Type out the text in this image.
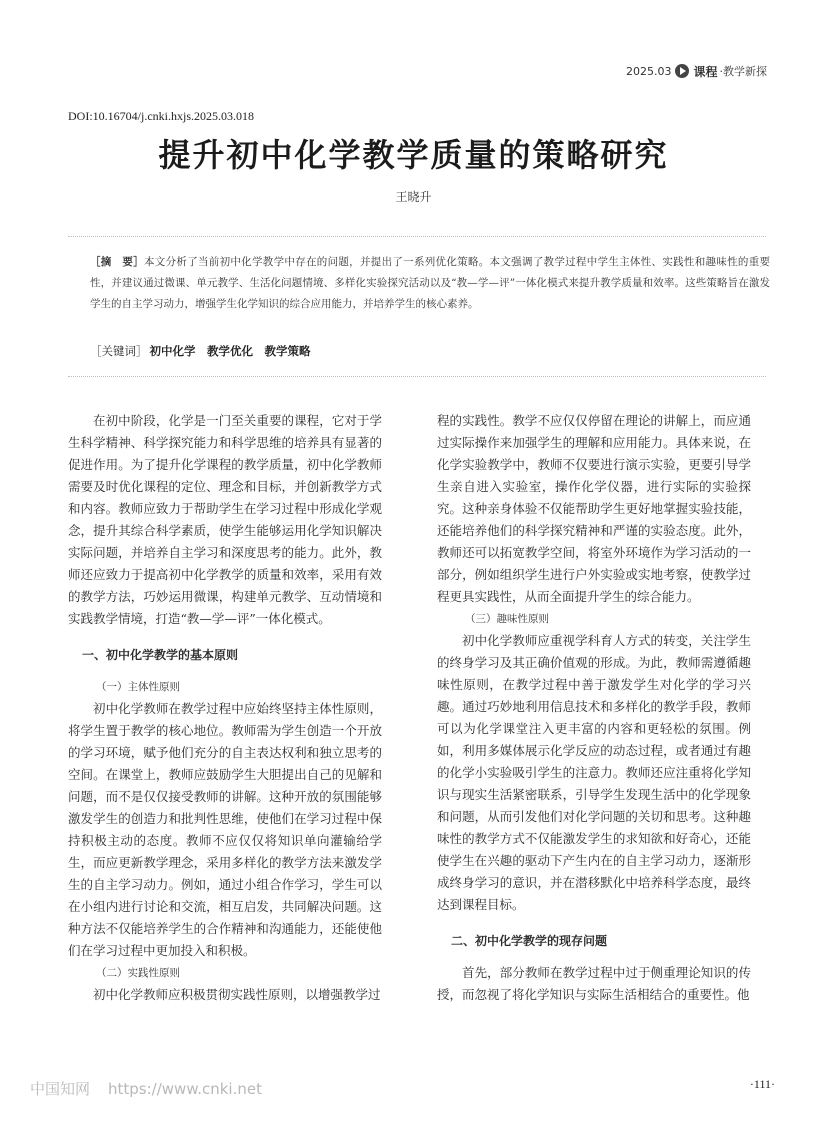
2025.03 课程 ·教学新探
DOI:10.16704/j.cnki.hxjs.2025.03.018
提升初中化学教学质量的策略研究
王晓升
［摘　要］本文分析了当前初中化学教学中存在的问题，并提出了一系列优化策略。本文强调了教学过程中学生主体性、实践性和趣味性的重要性，并建议通过微课、单元教学、生活化问题情境、多样化实验探究活动以及“教—学—评”一体化模式来提升教学质量和效率。这些策略旨在激发学生的自主学习动力，增强学生化学知识的综合应用能力，并培养学生的核心素养。
［关键词］ 初中化学　教学优化　教学策略

在初中阶段，化学是一门至关重要的课程，它对于学生科学精神、科学探究能力和科学思维的培养具有显著的促进作用。为了提升化学课程的教学质量，初中化学教师需要及时优化课程的定位、理念和目标，并创新教学方式和内容。教师应致力于帮助学生在学习过程中形成化学观念，提升其综合科学素质，使学生能够运用化学知识解决实际问题，并培养自主学习和深度思考的能力。此外，教师还应致力于提高初中化学教学的质量和效率，采用有效的教学方法，巧妙运用微课，构建单元教学、互动情境和实践教学情境，打造“教—学—评”一体化模式。

一、初中化学教学的基本原则
（一）主体性原则

初中化学教师在教学过程中应始终坚持主体性原则，将学生置于教学的核心地位。教师需为学生创造一个开放的学习环境，赋予他们充分的自主表达权利和独立思考的空间。在课堂上，教师应鼓励学生大胆提出自己的见解和问题，而不是仅仅接受教师的讲解。这种开放的氛围能够激发学生的创造力和批判性思维，使他们在学习过程中保持积极主动的态度。教师不应仅仅将知识单向灌输给学生，而应更新教学理念，采用多样化的教学方法来激发学生的自主学习动力。例如，通过小组合作学习，学生可以在小组内进行讨论和交流，相互启发，共同解决问题。这种方法不仅能培养学生的合作精神和沟通能力，还能使他们在学习过程中更加投入和积极。

（二）实践性原则

初中化学教师应积极贯彻实践性原则，以增强教学过

程的实践性。教学不应仅仅停留在理论的讲解上，而应通过实际操作来加强学生的理解和应用能力。具体来说，在化学实验教学中，教师不仅要进行演示实验，更要引导学生亲自进入实验室，操作化学仪器，进行实际的实验探究。这种亲身体验不仅能帮助学生更好地掌握实验技能，还能培养他们的科学探究精神和严谨的实验态度。此外，教师还可以拓宽教学空间，将室外环境作为学习活动的一部分，例如组织学生进行户外实验或实地考察，使教学过程更具实践性，从而全面提升学生的综合能力。

（三）趣味性原则

初中化学教师应重视学科育人方式的转变，关注学生的终身学习及其正确价值观的形成。为此，教师需遵循趣味性原则，在教学过程中善于激发学生对化学的学习兴趣。通过巧妙地利用信息技术和多样化的教学手段，教师可以为化学课堂注入更丰富的内容和更轻松的氛围。例如，利用多媒体展示化学反应的动态过程，或者通过有趣的化学小实验吸引学生的注意力。教师还应注重将化学知识与现实生活紧密联系，引导学生发现生活中的化学现象和问题，从而引发他们对化学问题的关切和思考。这种趣味性的教学方式不仅能激发学生的求知欲和好奇心，还能使学生在兴趣的驱动下产生内在的自主学习动力，逐渐形成终身学习的意识，并在潜移默化中培养科学态度，最终达到课程目标。

二、初中化学教学的现存问题

首先，部分教师在教学过程中过于侧重理论知识的传授，而忽视了将化学知识与实际生活相结合的重要性。他

中国知网 https://www.cnki.net	·111·
